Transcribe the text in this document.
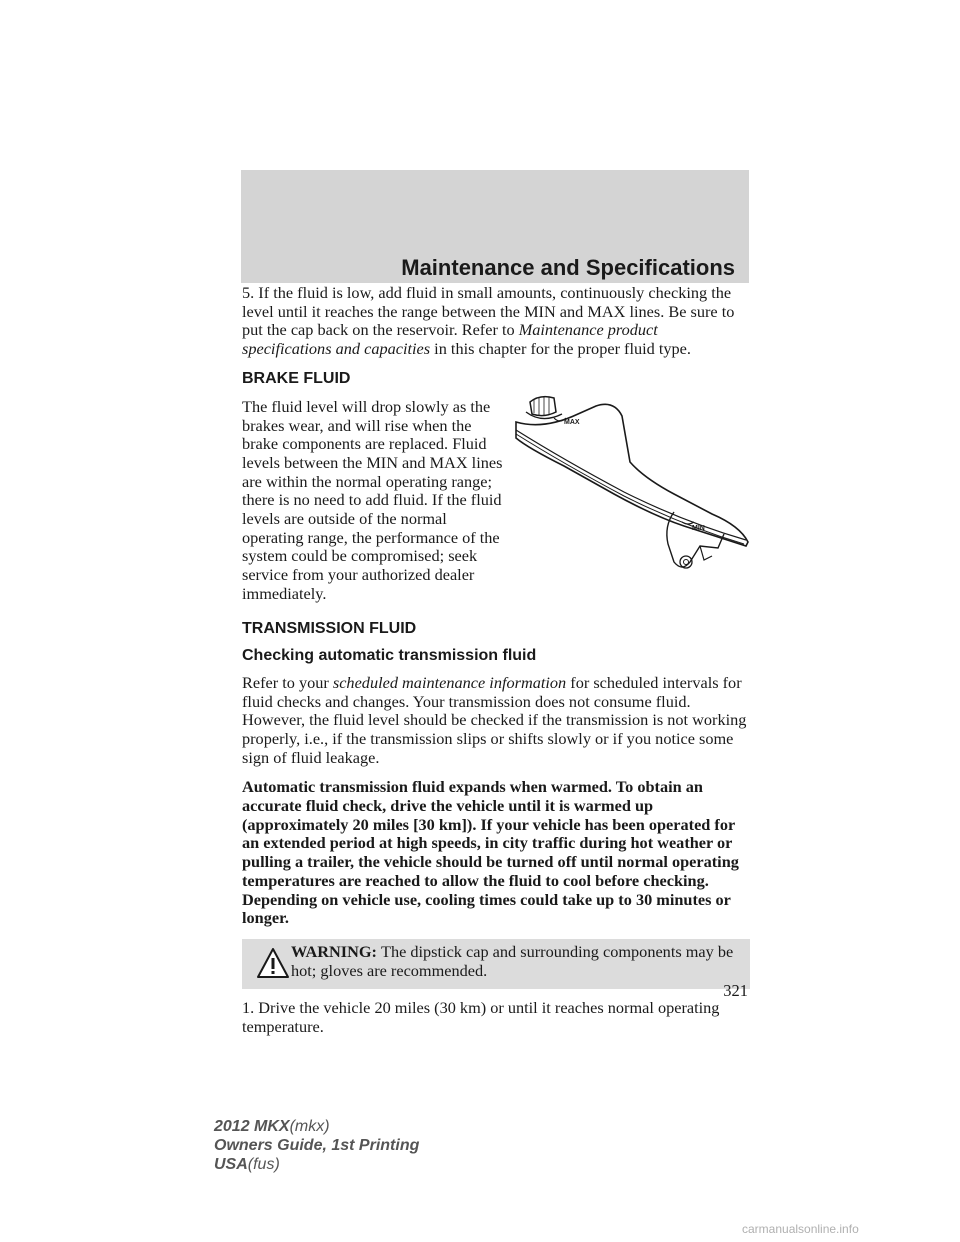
Maintenance and Specifications

5. If the fluid is low, add fluid in small amounts, continuously checking the level until it reaches the range between the MIN and MAX lines. Be sure to put the cap back on the reservoir. Refer to Maintenance product specifications and capacities in this chapter for the proper fluid type.

BRAKE FLUID

The fluid level will drop slowly as the brakes wear, and will rise when the brake components are replaced. Fluid levels between the MIN and MAX lines are within the normal operating range; there is no need to add fluid. If the fluid levels are outside of the normal operating range, the performance of the system could be compromised; seek service from your authorized dealer immediately.

MAX
MIN
TRANSMISSION FLUID
Checking automatic transmission fluid

Refer to your scheduled maintenance information for scheduled intervals for fluid checks and changes. Your transmission does not consume fluid. However, the fluid level should be checked if the transmission is not working properly, i.e., if the transmission slips or shifts slowly or if you notice some sign of fluid leakage.

Automatic transmission fluid expands when warmed. To obtain an accurate fluid check, drive the vehicle until it is warmed up (approximately 20 miles [30 km]). If your vehicle has been operated for an extended period at high speeds, in city traffic during hot weather or pulling a trailer, the vehicle should be turned off until normal operating temperatures are reached to allow the fluid to cool before checking. Depending on vehicle use, cooling times could take up to 30 minutes or longer.

WARNING: The dipstick cap and surrounding components may be hot; gloves are recommended.

1. Drive the vehicle 20 miles (30 km) or until it reaches normal operating temperature.

321
2012 MKX(mkx)
Owners Guide, 1st Printing
USA(fus)
carmanualsonline.info
